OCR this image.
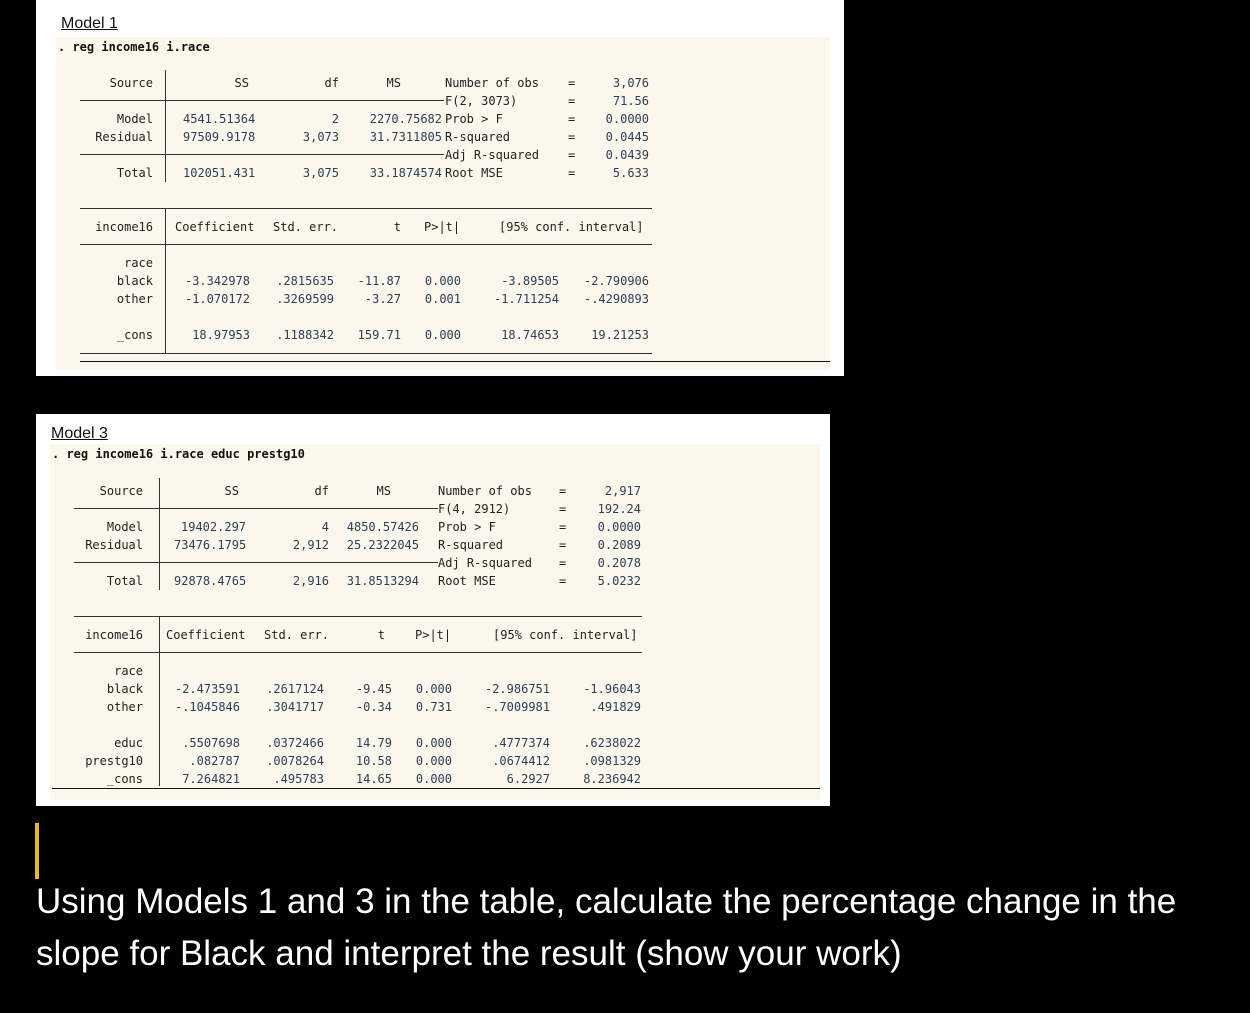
Model 1
. reg income16 i.race
Source	SS	df	MS
Model	4541.51364	2	2270.75682
Residual	97509.9178	3,073	31.7311805
Total	102051.431	3,075	33.1874574
Number of obs =	3,076
F(2, 3073)	=	71.56
Prob > F	=	0.0000
R-squared	=	0.0445
Adj R-squared =	0.0439
Root MSE	=	5.633
income16 Coefficient Std. err.	t P>|t|	[95% conf. interval]
race
black	-3.342978 .2815635 -11.87 0.000	-3.89505 -2.790906
other	-1.070172 .3269599	-3.27 0.001	-1.711254 -.4290893
_cons	18.97953 .1188342 159.71 0.000	18.74653	19.21253
Model 3
. reg income16 i.race educ prestg10
Source	SS	df	MS
Model	19402.297	4 4850.57426
Residual	73476.1795	2,912 25.2322045
Total	92878.4765	2,916 31.8513294
Number of obs =	2,917
F(4, 2912)	=	192.24
Prob > F	=	0.0000
R-squared	=	0.2089
Adj R-squared =	0.2078
Root MSE	=	5.0232
income16 Coefficient Std. err.	t	P>|t|	[95% conf. interval]
race
black	-2.473591 .2617124	-9.45 0.000	-2.986751	-1.96043
other	-.1045846 .3041717	-0.34 0.731	-.7009981	.491829
educ	.5507698 .0372466	14.79 0.000	.4777374	.6238022
prestg10	.082787 .0078264	10.58 0.000	.0674412	.0981329
_cons	7.264821	.495783	14.65 0.000	6.2927	8.236942
Using Models 1 and 3 in the table, calculate the percentage change in the slope for Black and interpret the result (show your work)
